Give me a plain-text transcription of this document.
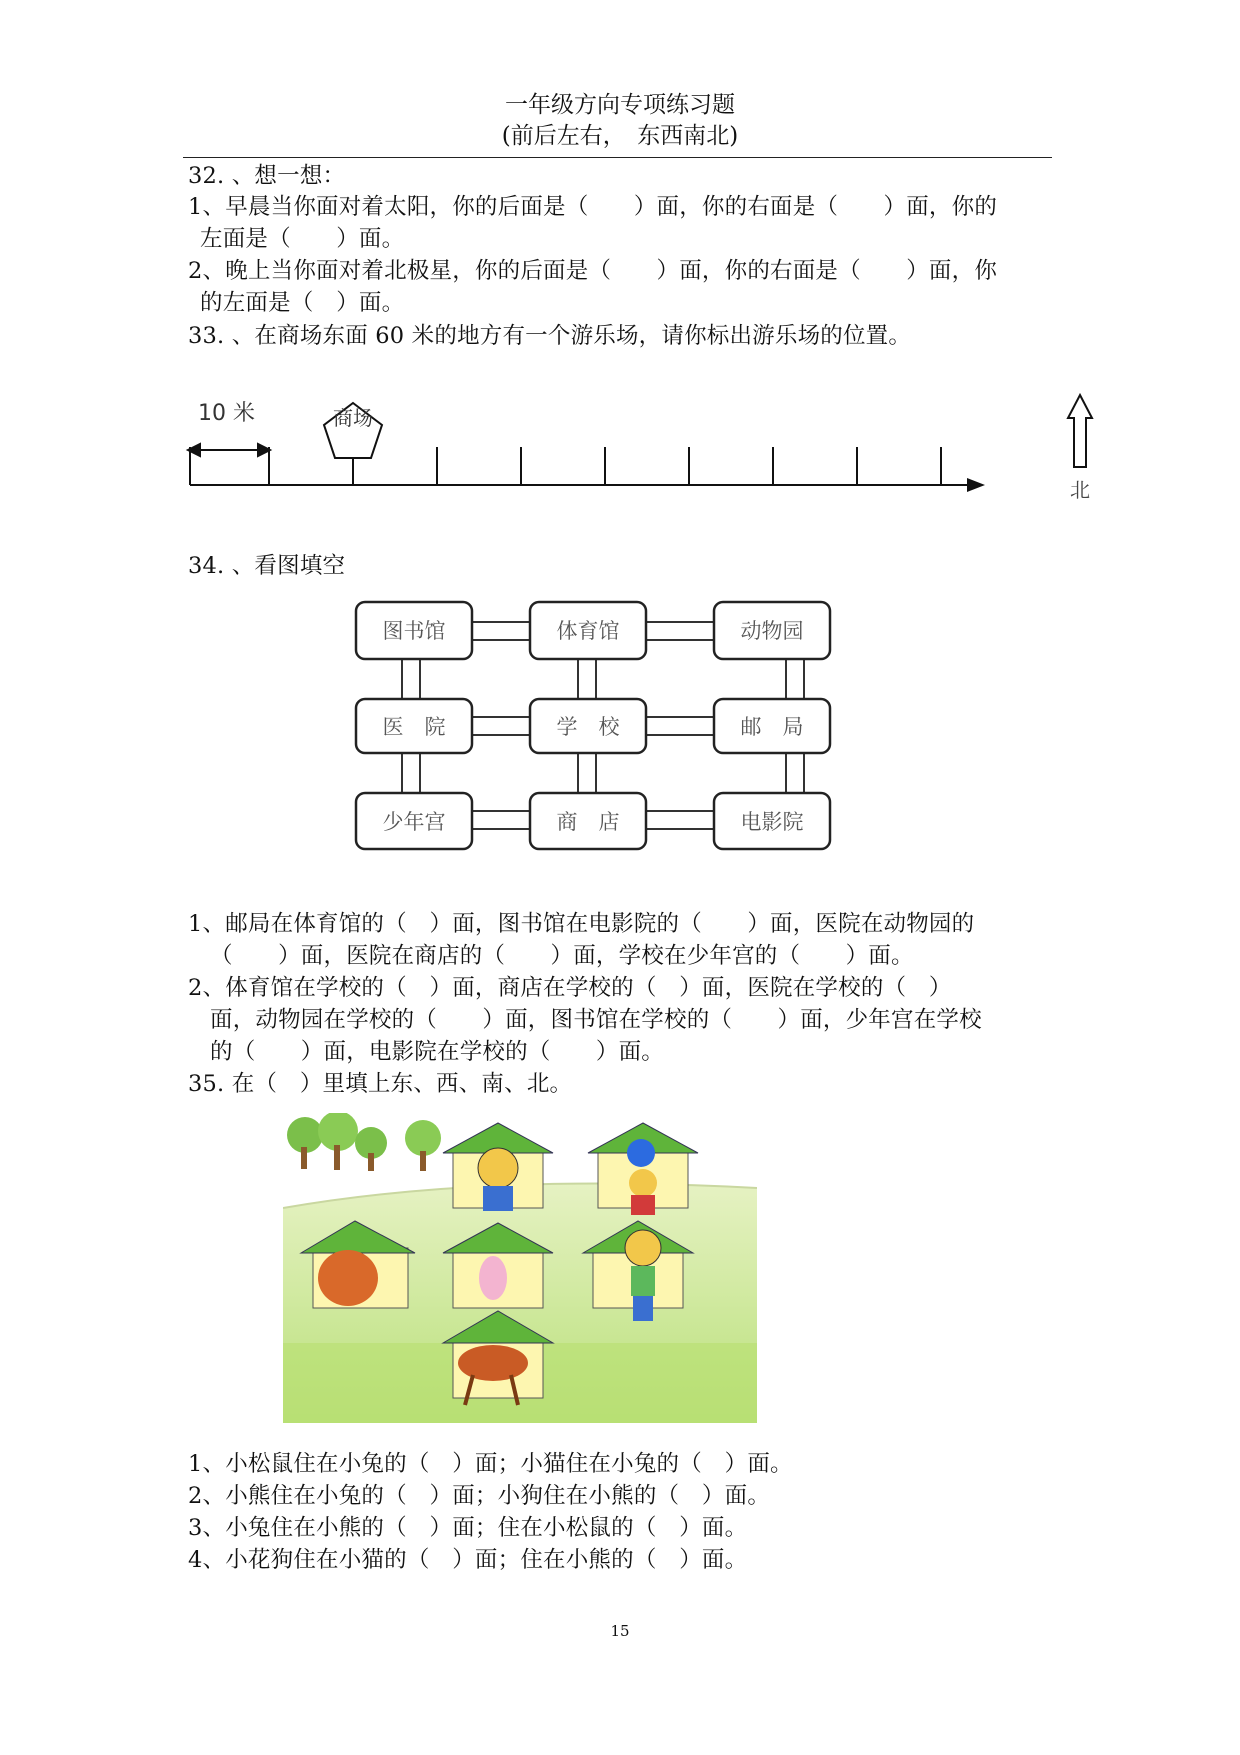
一年级方向专项练习题
(前后左右，　东西南北)
32. 、想一想：
1、早晨当你面对着太阳，你的后面是（　　）面，你的右面是（　　）面，你的
左面是（　　）面。
2、晚上当你面对着北极星，你的后面是（　　）面，你的右面是（　　）面，你
的左面是（　）面。
33. 、在商场东面 60 米的地方有一个游乐场，请你标出游乐场的位置。
10 米	商场
北
34. 、看图填空
图书馆	体育馆	动物园
医　院	学　校	邮　局
少年宫	商　店	电影院
1、邮局在体育馆的（　）面，图书馆在电影院的（　　）面，医院在动物园的
（　　）面，医院在商店的（　　）面，学校在少年宫的（　　）面。
2、体育馆在学校的（　）面，商店在学校的（　）面，医院在学校的（　）
面，动物园在学校的（　　）面，图书馆在学校的（　　）面，少年宫在学校
的（　　）面，电影院在学校的（　　）面。
35. 在（　）里填上东、西、南、北。
1、小松鼠住在小兔的（　）面；小猫住在小兔的（　）面。
2、小熊住在小兔的（　）面；小狗住在小熊的（　）面。
3、小兔住在小熊的（　）面；住在小松鼠的（　）面。
4、小花狗住在小猫的（　）面；住在小熊的（　）面。
15
